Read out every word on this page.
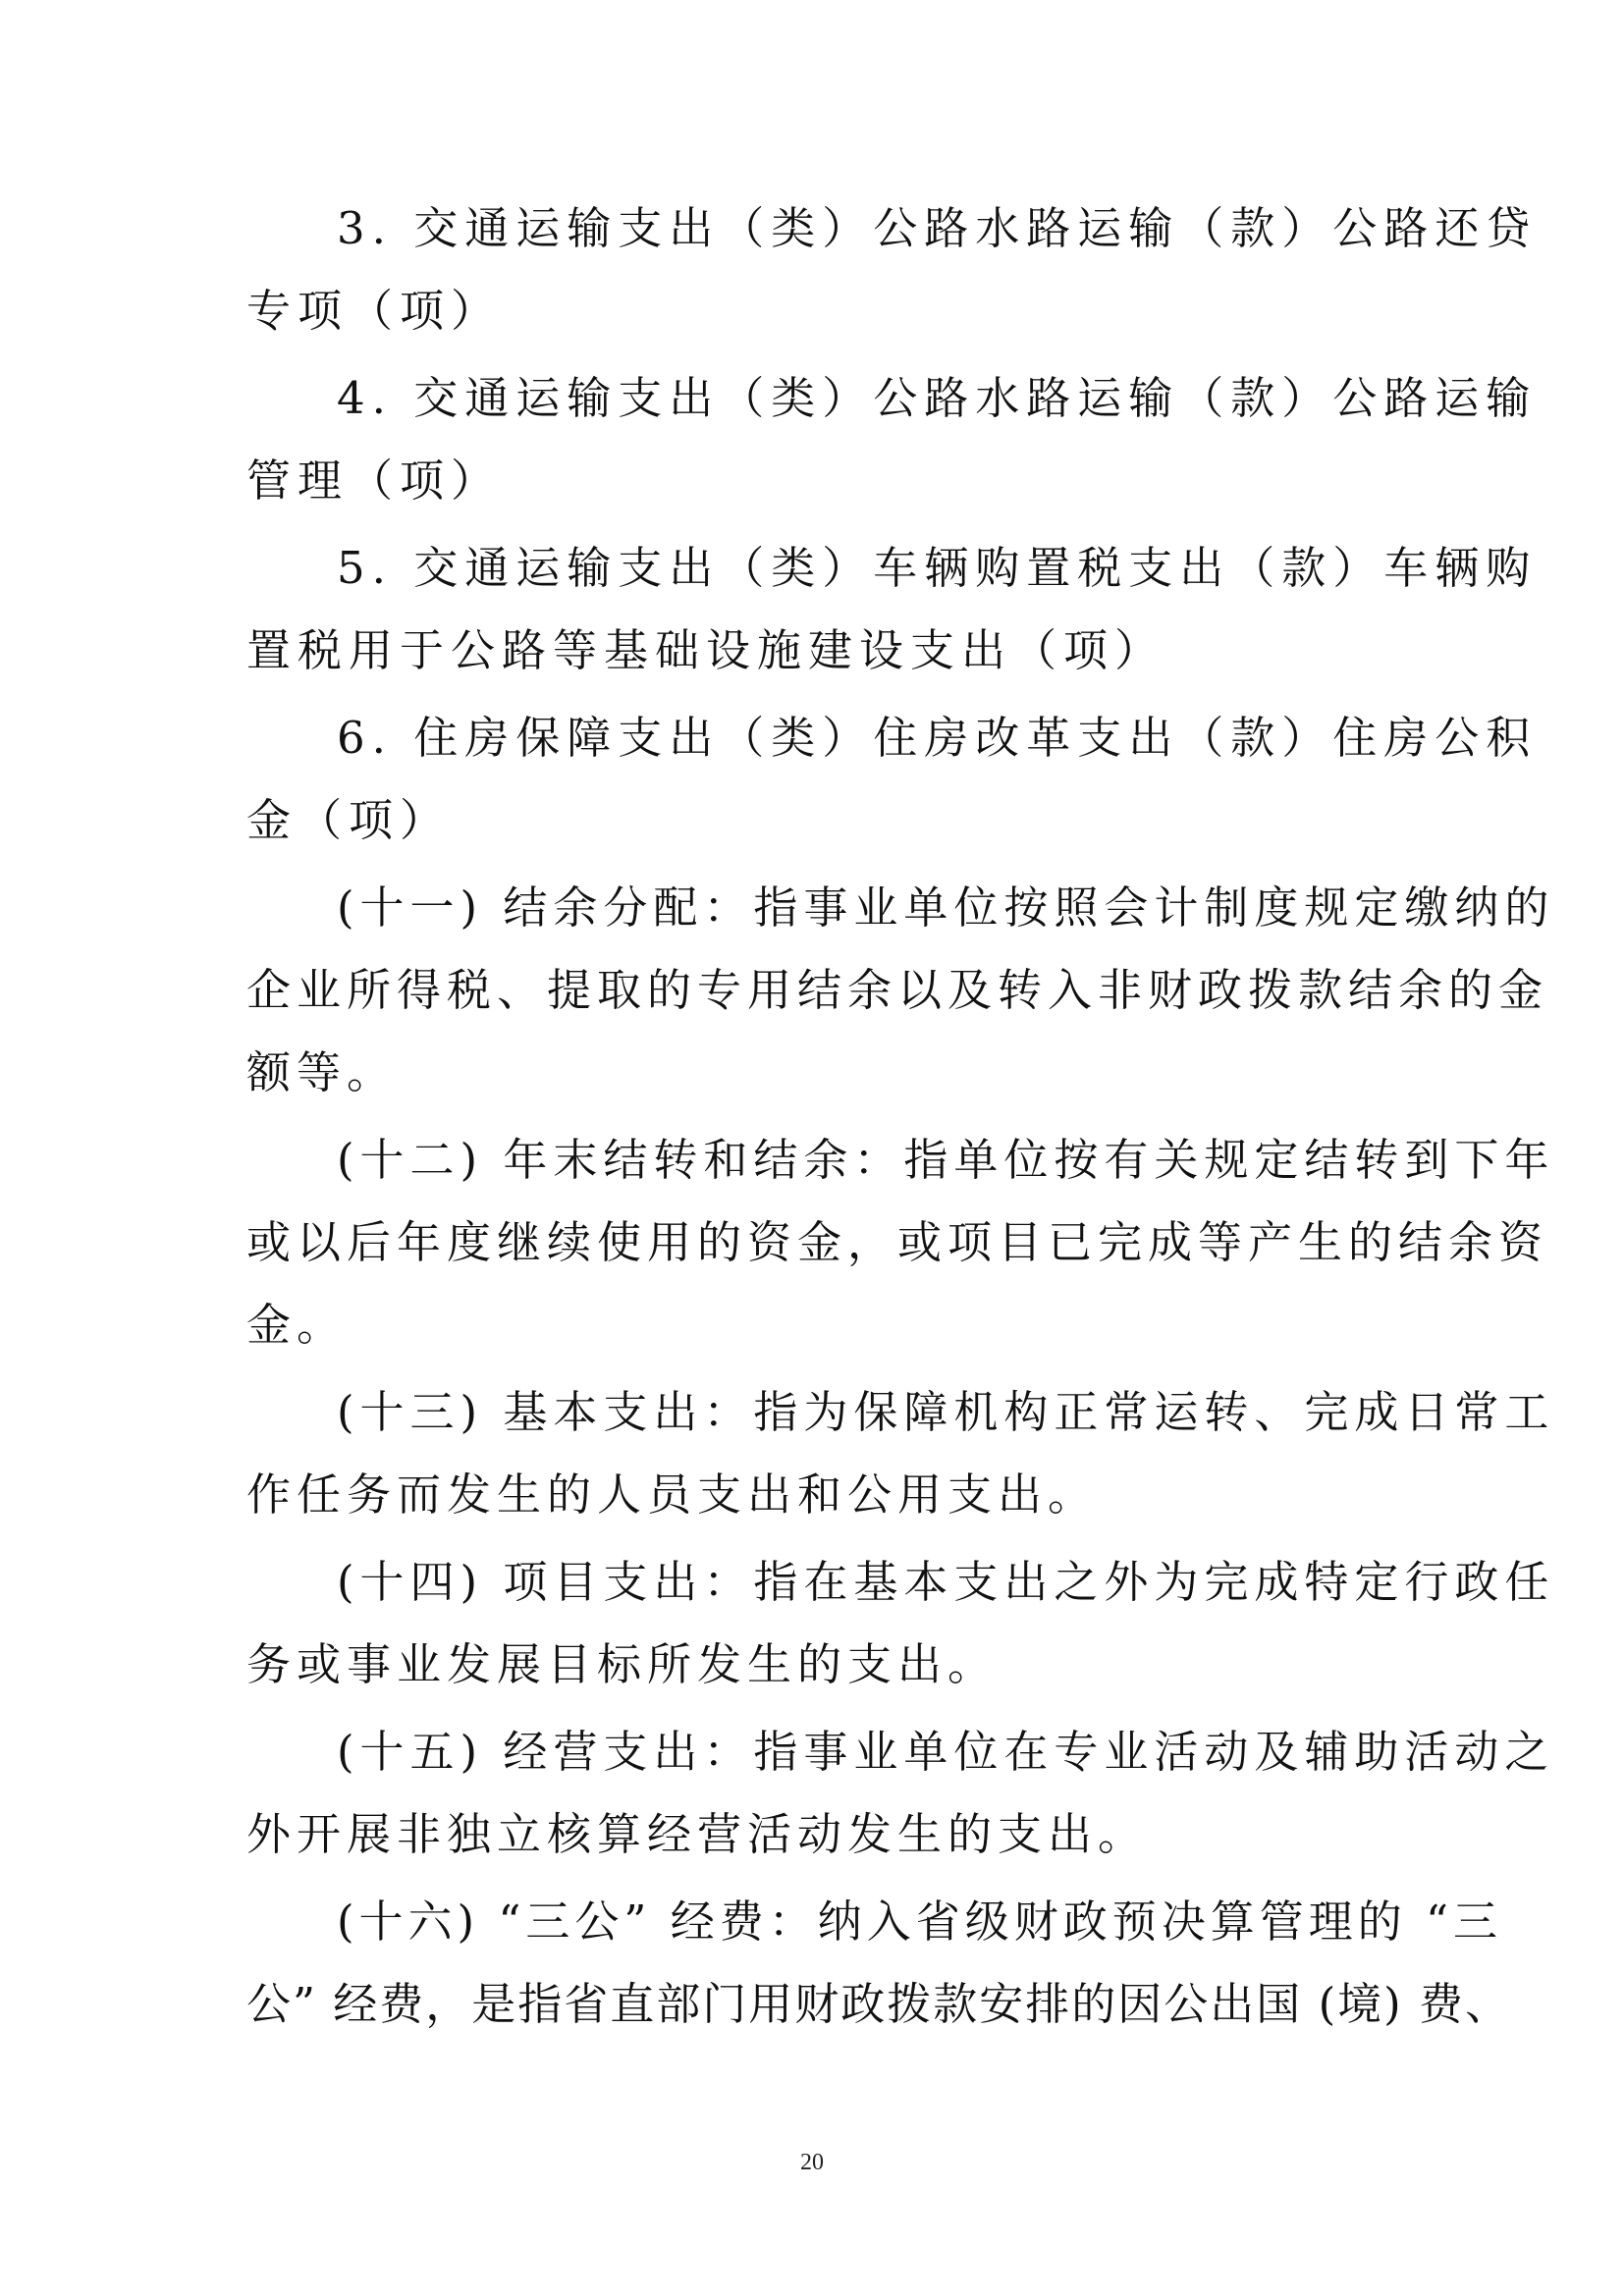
3. 交通运输支出（类）公路水路运输（款）公路还贷
专项（项）
4. 交通运输支出（类）公路水路运输（款）公路运输
管理（项）
5. 交通运输支出（类）车辆购置税支出（款）车辆购
置税用于公路等基础设施建设支出（项）
6. 住房保障支出（类）住房改革支出（款）住房公积
金（项）
(十一) 结余分配：指事业单位按照会计制度规定缴纳的
企业所得税、提取的专用结余以及转入非财政拨款结余的金
额等。
(十二) 年末结转和结余：指单位按有关规定结转到下年
或以后年度继续使用的资金，或项目已完成等产生的结余资
金。
(十三) 基本支出：指为保障机构正常运转、完成日常工
作任务而发生的人员支出和公用支出。
(十四) 项目支出：指在基本支出之外为完成特定行政任
务或事业发展目标所发生的支出。
(十五) 经营支出：指事业单位在专业活动及辅助活动之
外开展非独立核算经营活动发生的支出。
(十六) “三公” 经费：纳入省级财政预决算管理的 “三
公” 经费，是指省直部门用财政拨款安排的因公出国 (境) 费、
20
